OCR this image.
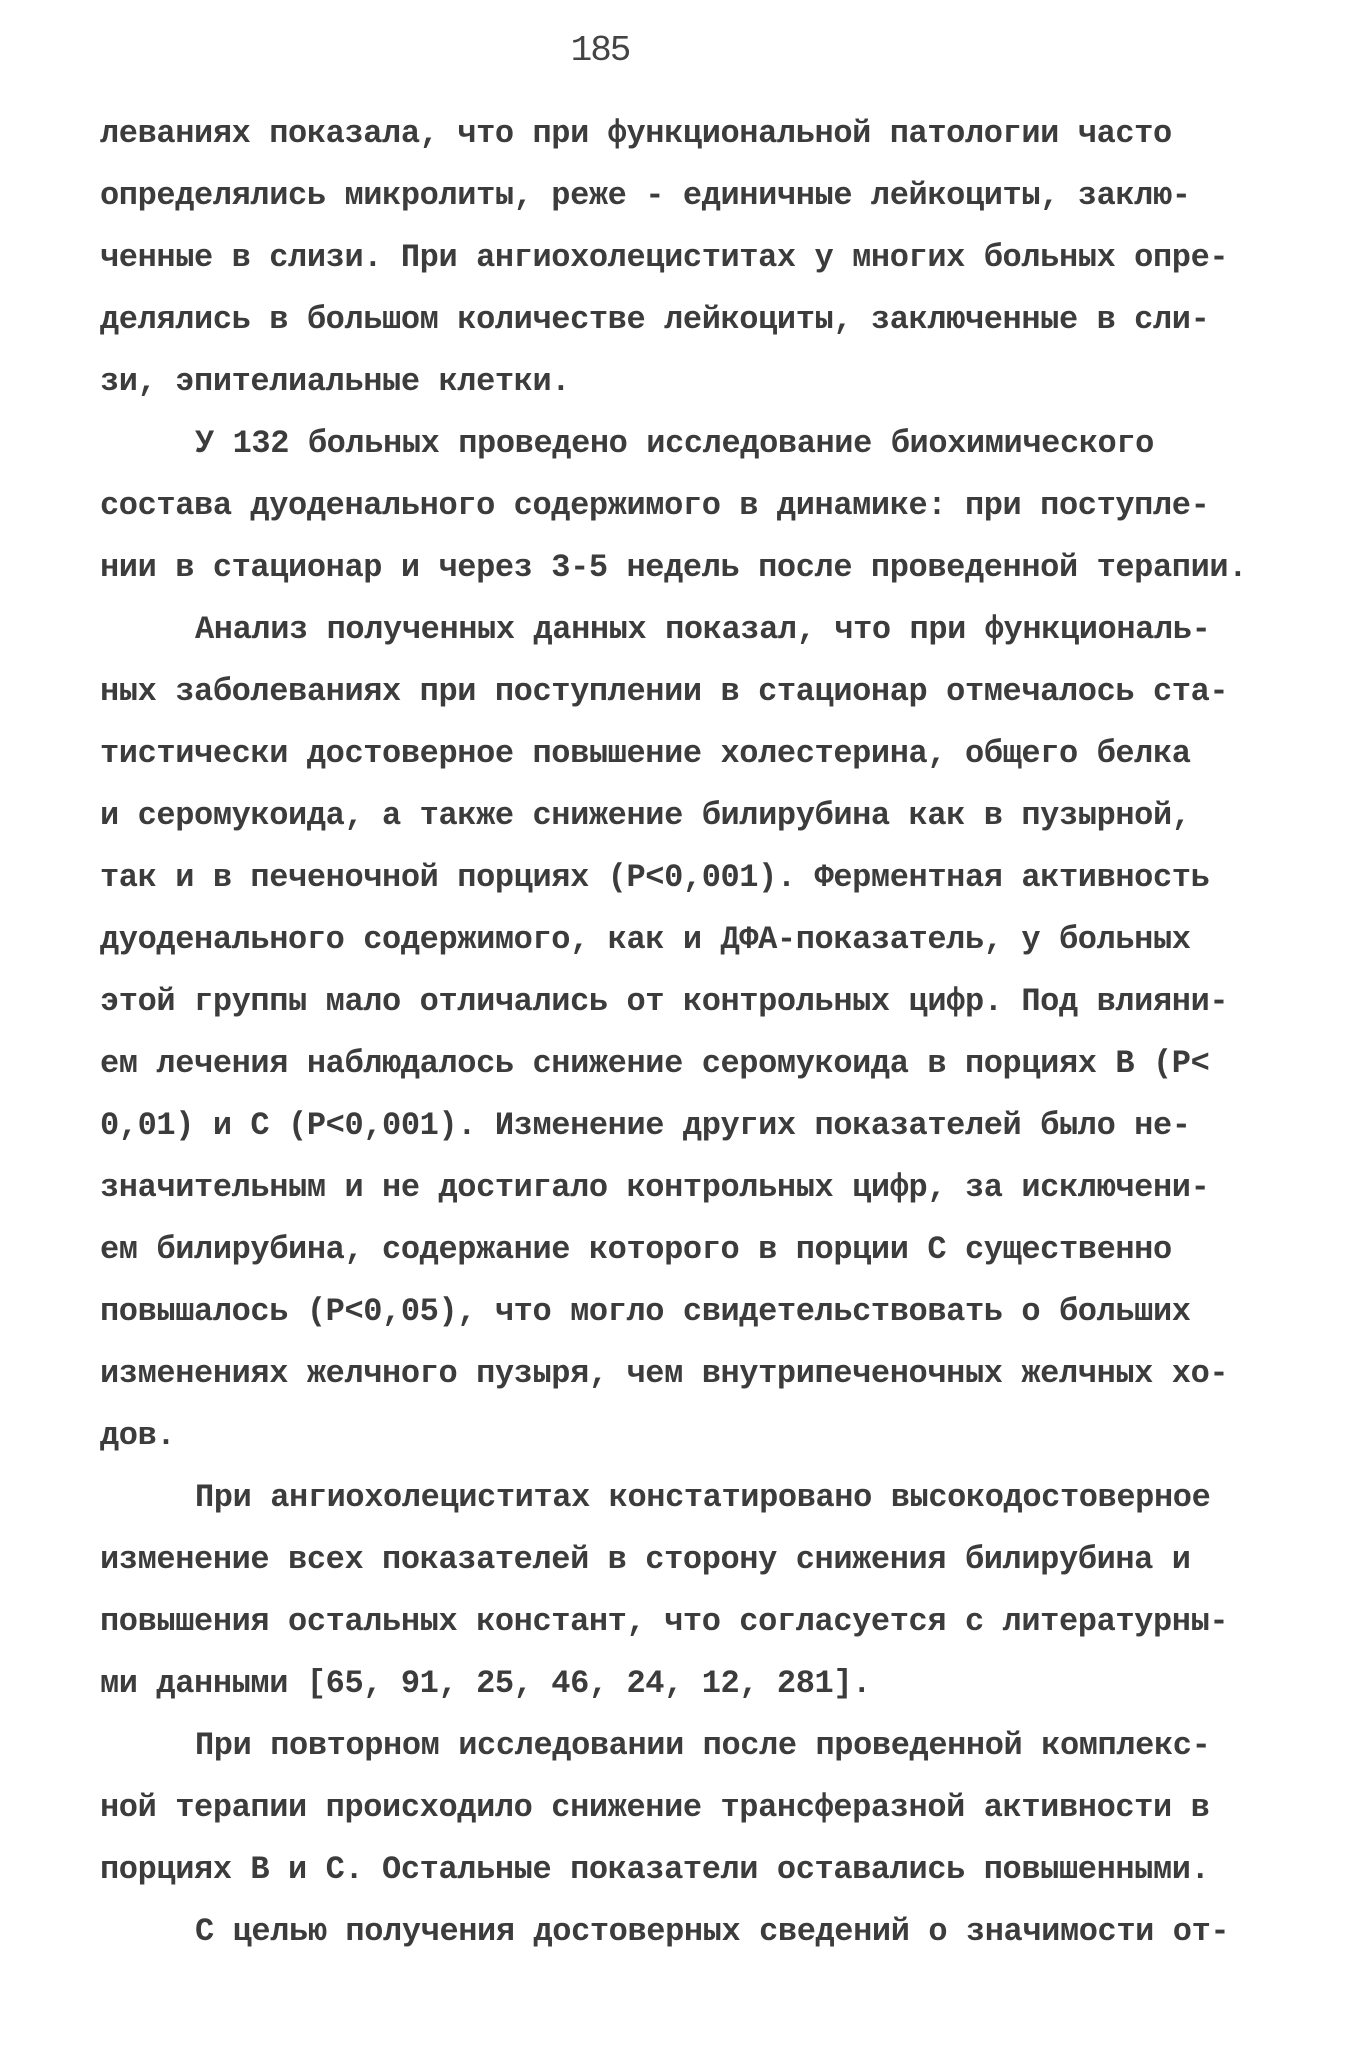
185
леваниях показала, что при функциональной патологии часто
определялись микролиты, реже - единичные лейкоциты, заклю-
ченные в слизи. При ангиохолециститах у многих больных опре-
делялись в большом количестве лейкоциты, заключенные в сли-
зи, эпителиальные клетки.
У 132 больных проведено исследование биохимического
состава дуоденального содержимого в динамике: при поступле-
нии в стационар и через 3-5 недель после проведенной терапии.
Анализ полученных данных показал, что при функциональ-
ных заболеваниях при поступлении в стационар отмечалось ста-
тистически достоверное повышение холестерина, общего белка
и серомукоида, а также снижение билирубина как в пузырной,
так и в печеночной порциях (P<0,001). Ферментная активность
дуоденального содержимого, как и ДФА-показатель, у больных
этой группы мало отличались от контрольных цифр. Под влияни-
ем лечения наблюдалось снижение серомукоида в порциях В (P<
0,01) и С (P<0,001). Изменение других показателей было не-
значительным и не достигало контрольных цифр, за исключени-
ем билирубина, содержание которого в порции С существенно
повышалось (P<0,05), что могло свидетельствовать о больших
изменениях желчного пузыря, чем внутрипеченочных желчных хо-
дов.
При ангиохолециститах констатировано высокодостоверное
изменение всех показателей в сторону снижения билирубина и
повышения остальных констант, что согласуется с литературны-
ми данными [65, 91, 25, 46, 24, 12, 281].
При повторном исследовании после проведенной комплекс-
ной терапии происходило снижение трансферазной активности в
порциях В и С. Остальные показатели оставались повышенными.
С целью получения достоверных сведений о значимости от-
